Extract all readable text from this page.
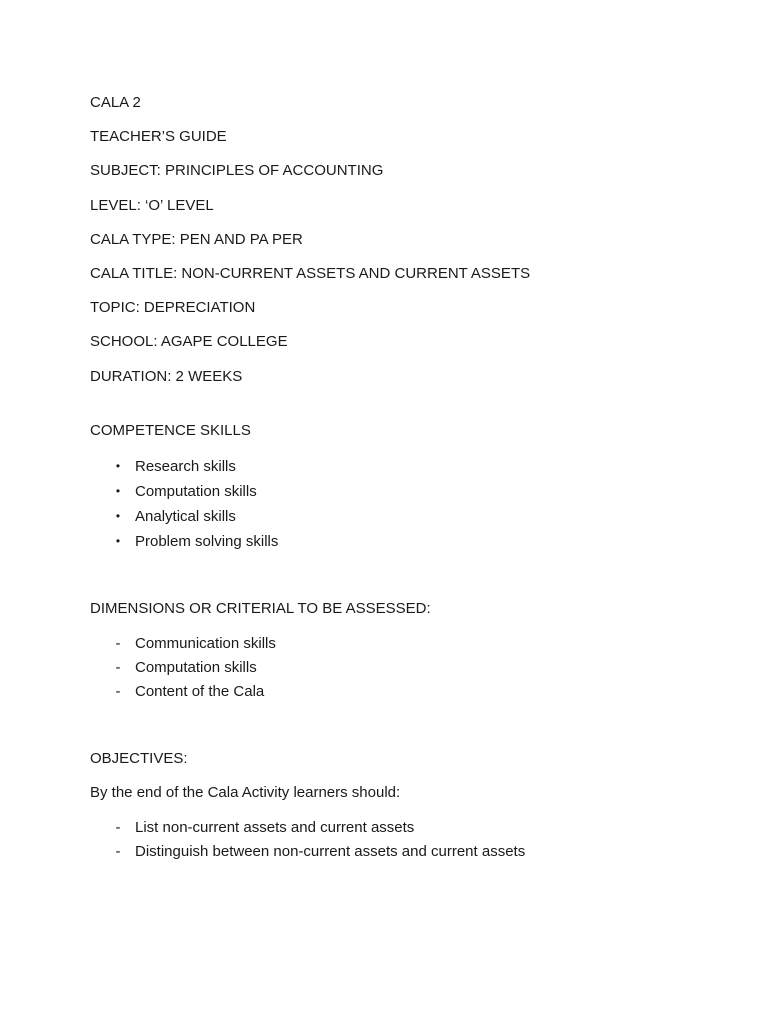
CALA 2
TEACHER’S GUIDE
SUBJECT: PRINCIPLES OF ACCOUNTING
LEVEL: ‘O’ LEVEL
CALA TYPE: PEN AND PA PER
CALA TITLE: NON-CURRENT ASSETS AND CURRENT ASSETS
TOPIC: DEPRECIATION
SCHOOL: AGAPE COLLEGE
DURATION: 2 WEEKS
COMPETENCE SKILLS
• Research skills
• Computation skills
• Analytical skills
• Problem solving skills
DIMENSIONS OR CRITERIAL TO BE ASSESSED:
- Communication skills
- Computation skills
- Content of the Cala
OBJECTIVES:
By the end of the Cala Activity learners should:
- List non-current assets and current assets
- Distinguish between non-current assets and current assets
